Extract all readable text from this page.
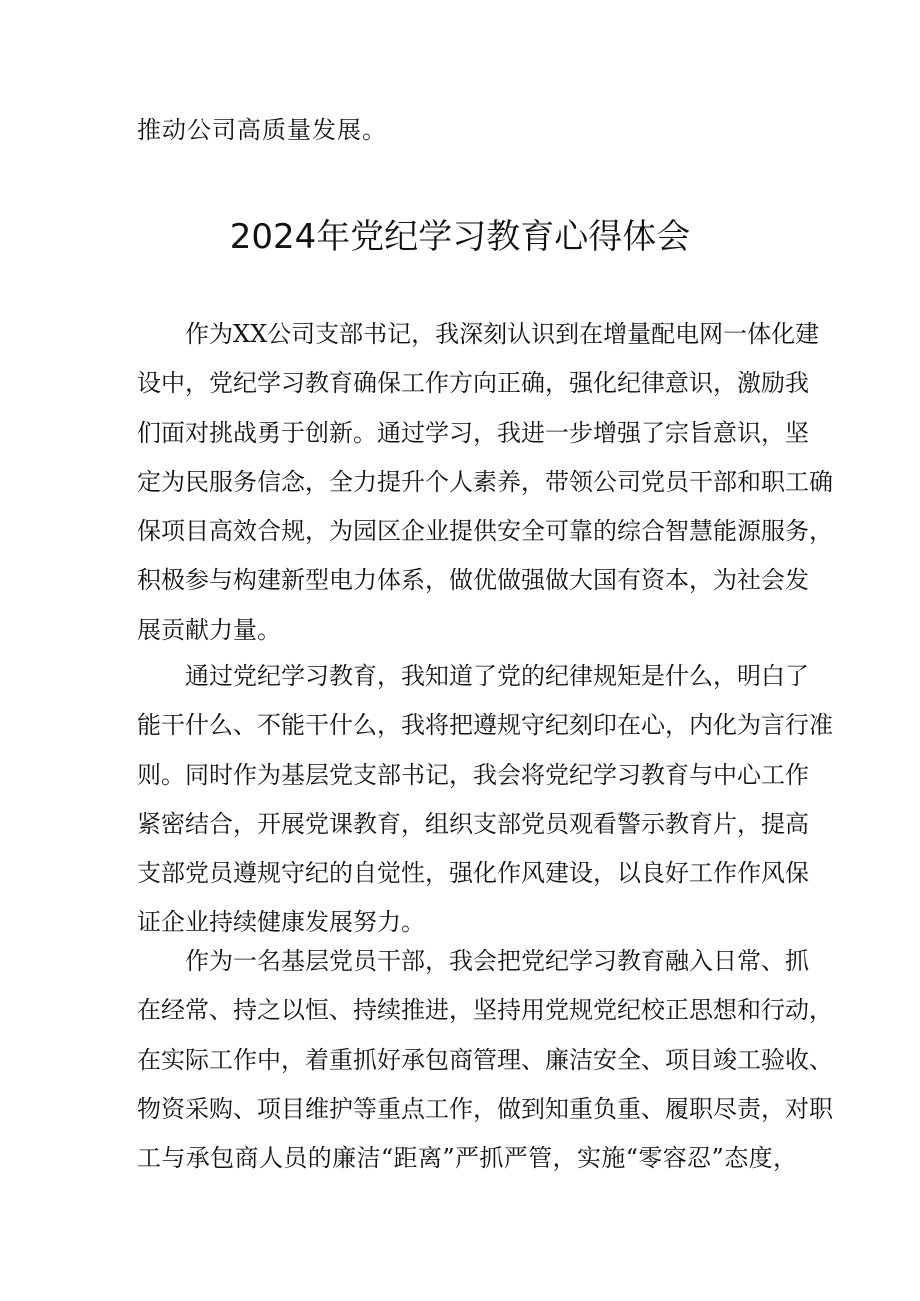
推动公司高质量发展。
2024年党纪学习教育心得体会
作为XX公司支部书记，我深刻认识到在增量配电网一体化建
设中，党纪学习教育确保工作方向正确，强化纪律意识，激励我
们面对挑战勇于创新。通过学习，我进一步增强了宗旨意识，坚
定为民服务信念，全力提升个人素养，带领公司党员干部和职工确
保项目高效合规，为园区企业提供安全可靠的综合智慧能源服务，
积极参与构建新型电力体系，做优做强做大国有资本，为社会发
展贡献力量。
通过党纪学习教育，我知道了党的纪律规矩是什么，明白了
能干什么、不能干什么，我将把遵规守纪刻印在心，内化为言行准
则。同时作为基层党支部书记，我会将党纪学习教育与中心工作
紧密结合，开展党课教育，组织支部党员观看警示教育片，提高
支部党员遵规守纪的自觉性，强化作风建设，以良好工作作风保
证企业持续健康发展努力。
作为一名基层党员干部，我会把党纪学习教育融入日常、抓
在经常、持之以恒、持续推进，坚持用党规党纪校正思想和行动，
在实际工作中，着重抓好承包商管理、廉洁安全、项目竣工验收、
物资采购、项目维护等重点工作，做到知重负重、履职尽责，对职
工与承包商人员的廉洁“距离”严抓严管，实施“零容忍”态度，
